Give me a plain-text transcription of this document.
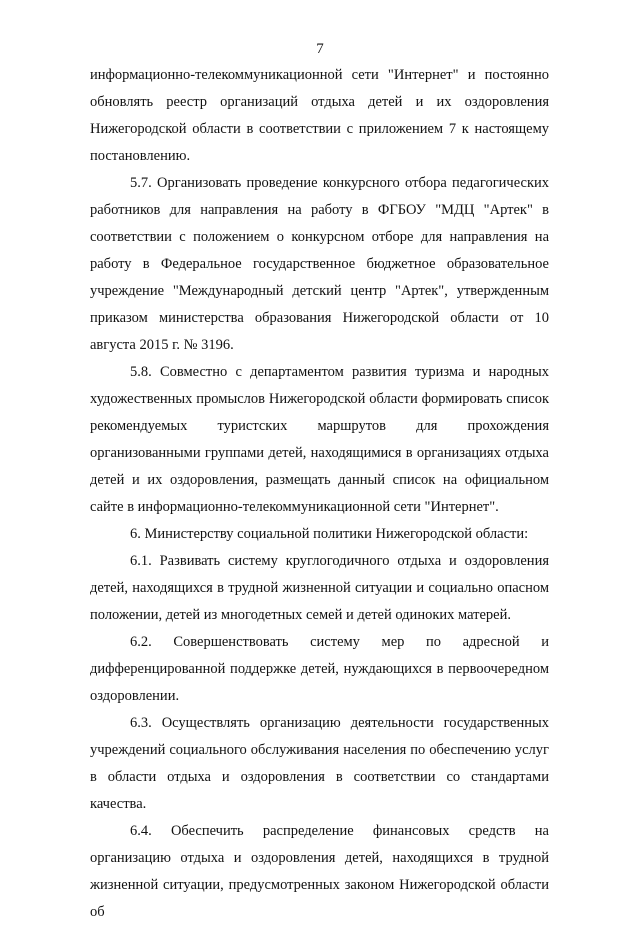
7

информационно-телекоммуникационной сети "Интернет" и постоянно обновлять реестр организаций отдыха детей и их оздоровления Нижегородской области в соответствии с приложением 7 к настоящему постановлению.

5.7. Организовать проведение конкурсного отбора педагогических работников для направления на работу в ФГБОУ "МДЦ "Артек" в соответствии с положением о конкурсном отборе для направления на работу в Федеральное государственное бюджетное образовательное учреждение "Международный детский центр "Артек", утвержденным приказом министерства образования Нижегородской области от 10 августа 2015 г. № 3196.

5.8. Совместно с департаментом развития туризма и народных художественных промыслов Нижегородской области формировать список рекомендуемых туристских маршрутов для прохождения организованными группами детей, находящимися в организациях отдыха детей и их оздоровления, размещать данный список на официальном сайте в информационно-телекоммуникационной сети "Интернет".

6. Министерству социальной политики Нижегородской области:

6.1. Развивать систему круглогодичного отдыха и оздоровления детей, находящихся в трудной жизненной ситуации и социально опасном положении, детей из многодетных семей и детей одиноких матерей.

6.2. Совершенствовать систему мер по адресной и дифференцированной поддержке детей, нуждающихся в первоочередном оздоровлении.

6.3. Осуществлять организацию деятельности государственных учреждений социального обслуживания населения по обеспечению услуг в области отдыха и оздоровления в соответствии со стандартами качества.

6.4. Обеспечить распределение финансовых средств на организацию отдыха и оздоровления детей, находящихся в трудной жизненной ситуации, предусмотренных законом Нижегородской области об
